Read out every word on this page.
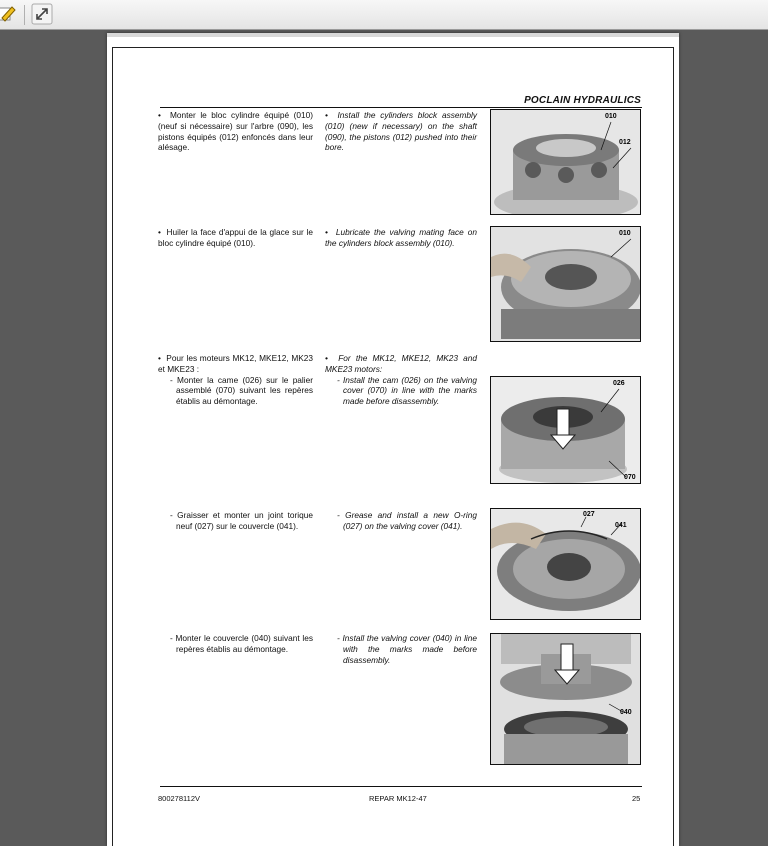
POCLAIN HYDRAULICS
•  Monter le bloc cylindre équipé (010) (neuf si nécessaire) sur l'arbre (090), les pistons équipés (012) enfoncés dans leur alésage.
•  Install the cylinders block assembly (010) (new if necessary) on the shaft (090), the pistons (012) pushed into their bore.
010
012
•  Huiler la face d'appui de la glace sur le bloc cylindre équipé (010).
•  Lubricate the valving mating face on the cylinders block assembly (010).
010
•  Pour les moteurs MK12, MKE12, MK23 et MKE23 :
- Monter la came (026) sur le palier assemblé (070) suivant les repères établis au démontage.
•  For the MK12, MKE12, MK23 and MKE23 motors:
- Install the cam (026) on the valving cover (070) in line with the marks made before disassembly.
026
070
- Graisser et monter un joint torique neuf (027) sur le couvercle (041).
- Grease and install a new O-ring (027) on the valving cover (041).
027
041
- Monter le couvercle (040) suivant les repères établis au démontage.
- Install the valving cover (040) in line with the marks made before disassembly.
040
800278112V	REPAR MK12-47	25
